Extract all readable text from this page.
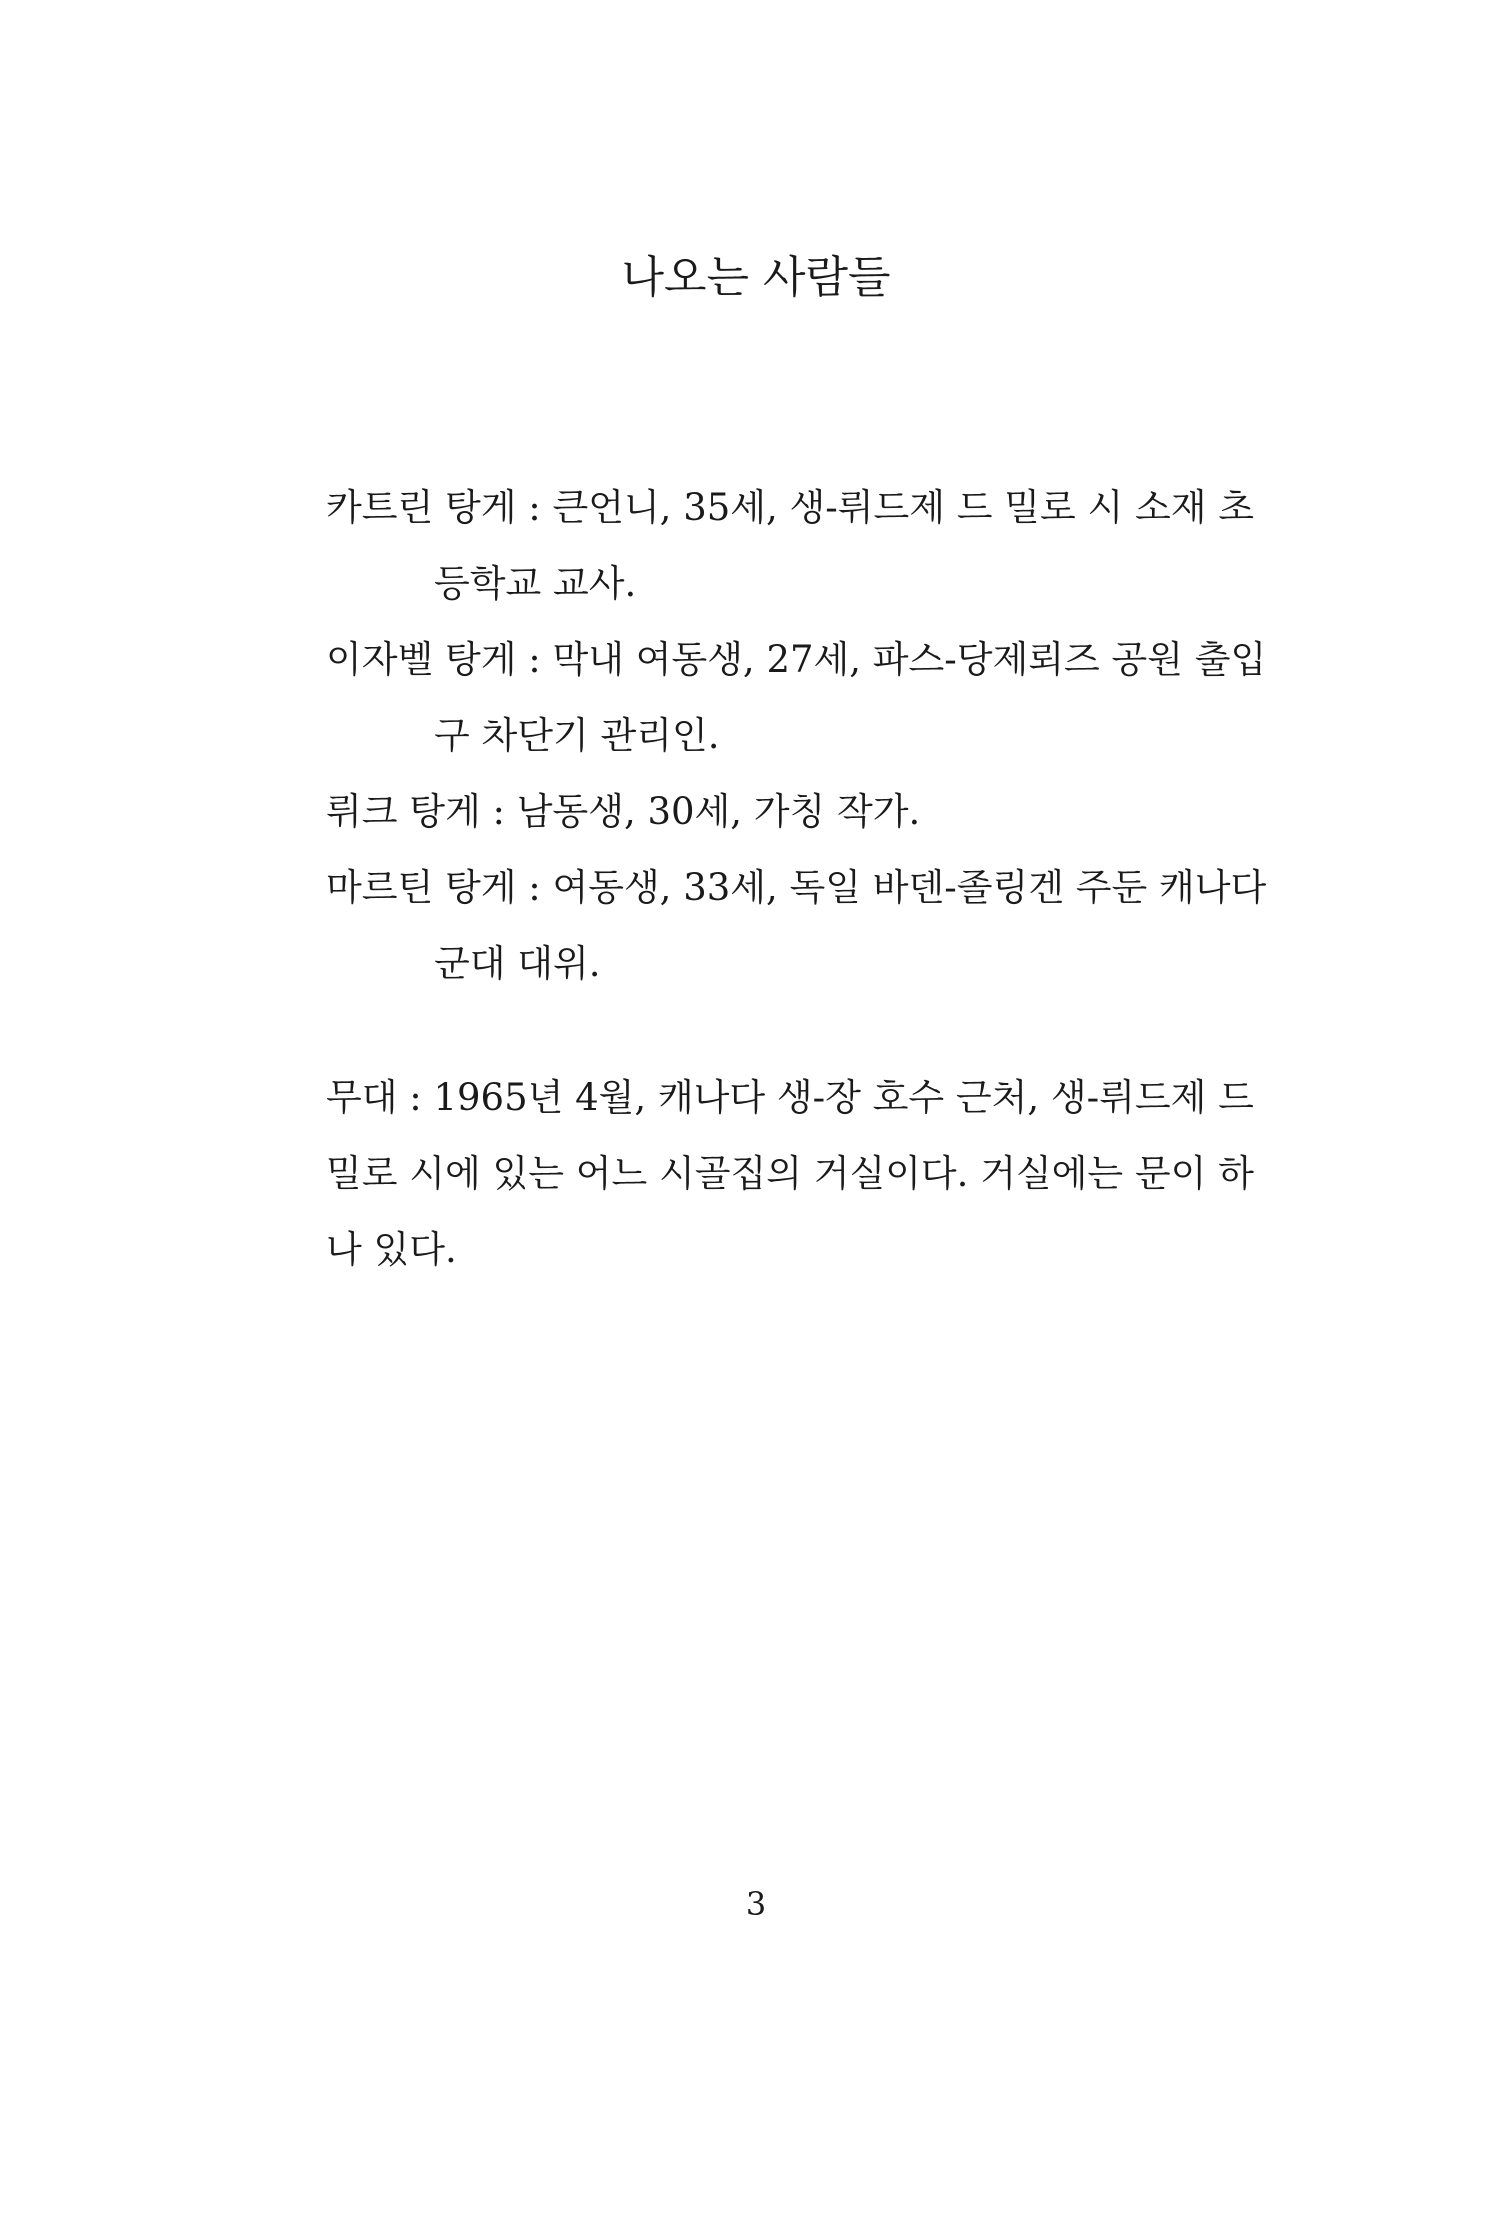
나오는 사람들
카트린 탕게 : 큰언니, 35세, 생-뤼드제 드 밀로 시 소재 초
등학교 교사.
이자벨 탕게 : 막내 여동생, 27세, 파스-당제뢰즈 공원 출입
구 차단기 관리인.
뤼크 탕게 : 남동생, 30세, 가칭 작가.
마르틴 탕게 : 여동생, 33세, 독일 바덴-졸링겐 주둔 캐나다
군대 대위.

무대 : 1965년 4월, 캐나다 생-장 호수 근처, 생-뤼드제 드
밀로 시에 있는 어느 시골집의 거실이다. 거실에는 문이 하
나 있다.

3
